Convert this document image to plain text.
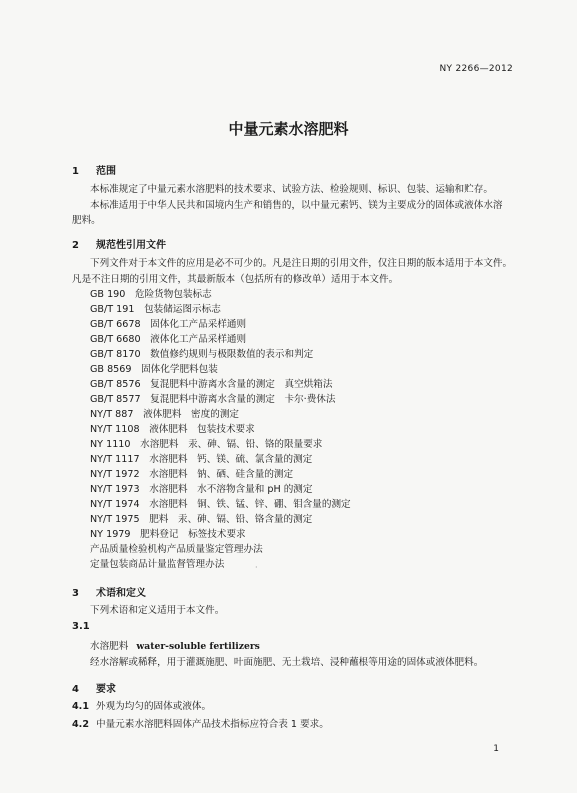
NY 2266—2012
中量元素水溶肥料
1 范围
本标准规定了中量元素水溶肥料的技术要求、试验方法、检验规则、标识、包装、运输和贮存。
本标准适用于中华人民共和国境内生产和销售的，以中量元素钙、镁为主要成分的固体或液体水溶
肥料。
2 规范性引用文件
下列文件对于本文件的应用是必不可少的。凡是注日期的引用文件，仅注日期的版本适用于本文件。
凡是不注日期的引用文件，其最新版本（包括所有的修改单）适用于本文件。
GB 190　危险货物包装标志
GB/T 191　包装储运图示标志
GB/T 6678　固体化工产品采样通则
GB/T 6680　液体化工产品采样通则
GB/T 8170　数值修约规则与极限数值的表示和判定
GB 8569　固体化学肥料包装
GB/T 8576　复混肥料中游离水含量的测定　真空烘箱法
GB/T 8577　复混肥料中游离水含量的测定　卡尔·费休法
NY/T 887　液体肥料　密度的测定
NY/T 1108　液体肥料　包装技术要求
NY 1110　水溶肥料　汞、砷、镉、铅、铬的限量要求
NY/T 1117　水溶肥料　钙、镁、硫、氯含量的测定
NY/T 1972　水溶肥料　钠、硒、硅含量的测定
NY/T 1973　水溶肥料　水不溶物含量和 pH 的测定
NY/T 1974　水溶肥料　铜、铁、锰、锌、硼、钼含量的测定
NY/T 1975　肥料　汞、砷、镉、铅、铬含量的测定
NY 1979　肥料登记　标签技术要求
产品质量检验机构产品质量鉴定管理办法
定量包装商品计量监督管理办法	·
3 术语和定义
下列术语和定义适用于本文件。
3.1
水溶肥料 water-soluble fertilizers
经水溶解或稀释，用于灌溉施肥、叶面施肥、无土栽培、浸种蘸根等用途的固体或液体肥料。
4 要求
4.1 外观为均匀的固体或液体。
4.2 中量元素水溶肥料固体产品技术指标应符合表 1 要求。
1
